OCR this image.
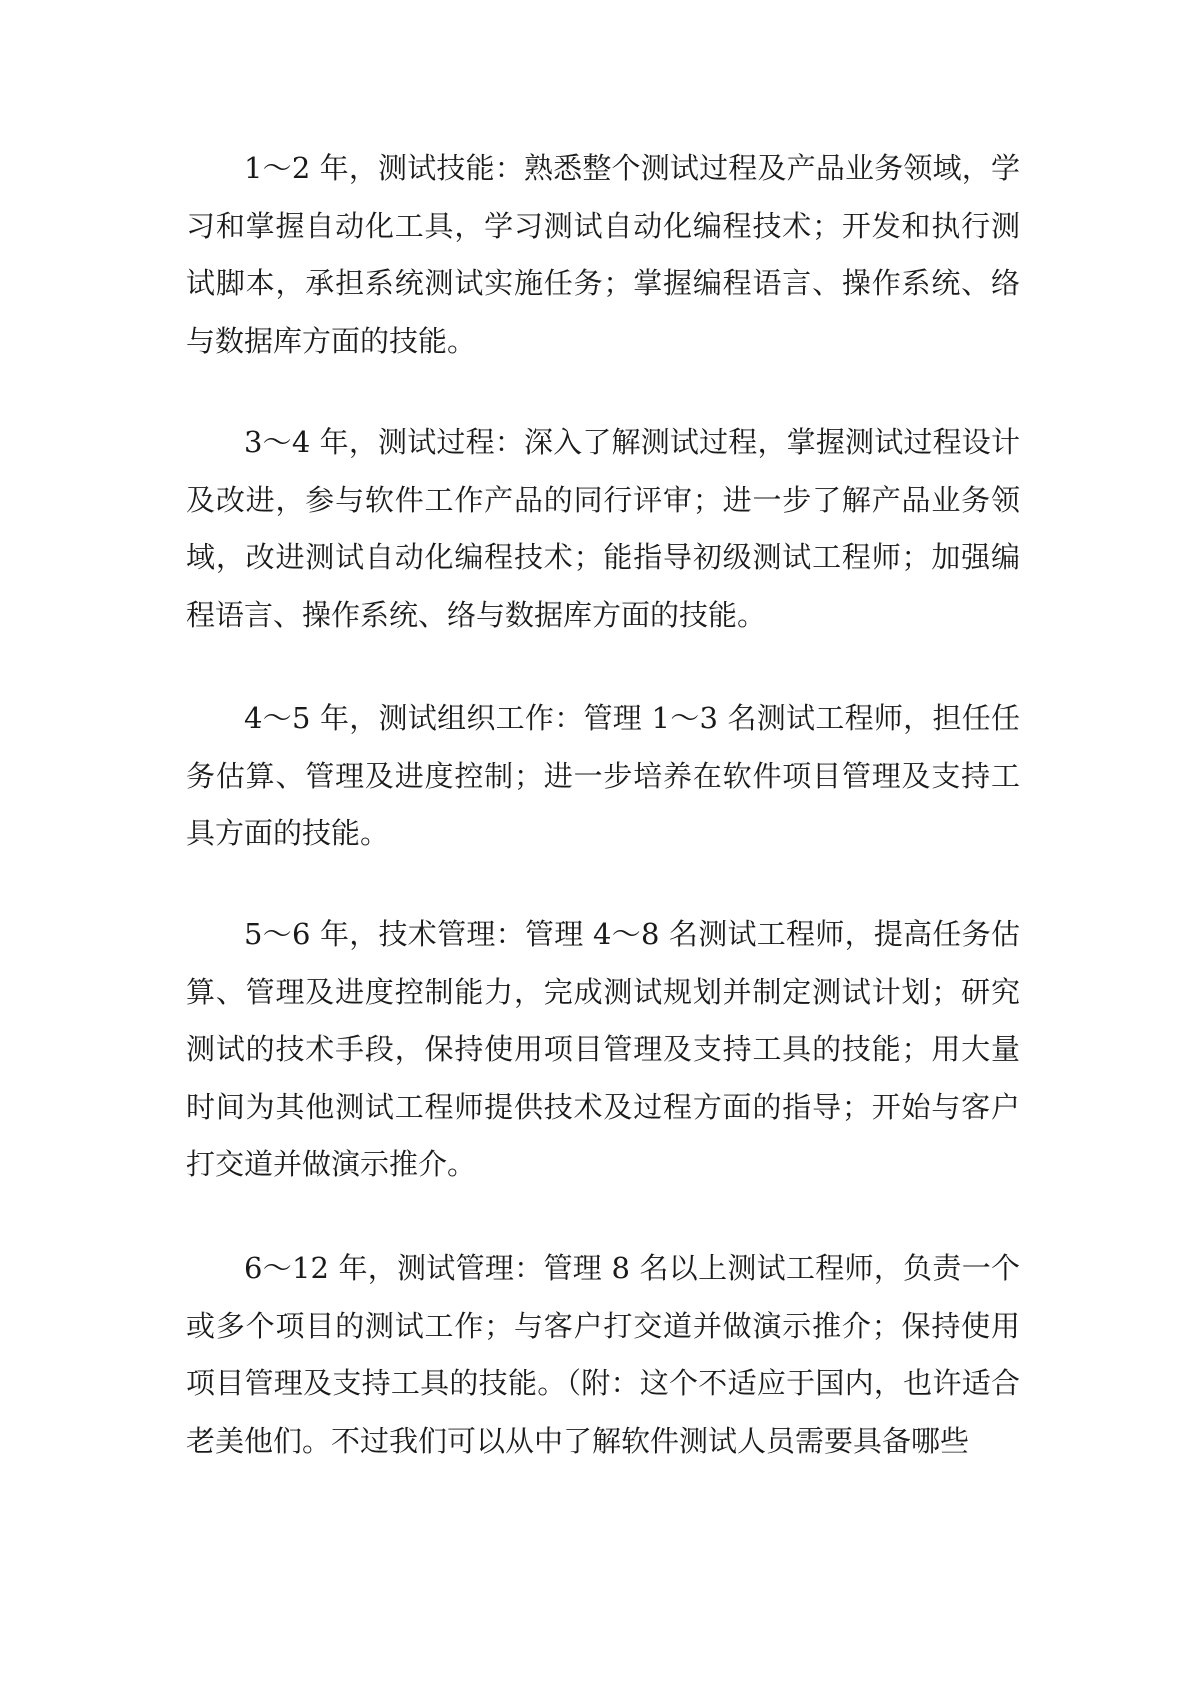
1～2 年，测试技能：熟悉整个测试过程及产品业务领域，学习和掌握自动化工具，学习测试自动化编程技术；开发和执行测试脚本，承担系统测试实施任务；掌握编程语言、操作系统、络与数据库方面的技能。

3～4 年，测试过程：深入了解测试过程，掌握测试过程设计及改进，参与软件工作产品的同行评审；进一步了解产品业务领域，改进测试自动化编程技术；能指导初级测试工程师；加强编程语言、操作系统、络与数据库方面的技能。

4～5 年，测试组织工作：管理 1～3 名测试工程师，担任任务估算、管理及进度控制；进一步培养在软件项目管理及支持工具方面的技能。

5～6 年，技术管理：管理 4～8 名测试工程师，提高任务估算、管理及进度控制能力，完成测试规划并制定测试计划；研究测试的技术手段，保持使用项目管理及支持工具的技能；用大量时间为其他测试工程师提供技术及过程方面的指导；开始与客户打交道并做演示推介。

6～12 年，测试管理：管理 8 名以上测试工程师，负责一个或多个项目的测试工作；与客户打交道并做演示推介；保持使用项目管理及支持工具的技能。（附：这个不适应于国内，也许适合老美他们。不过我们可以从中了解软件测试人员需要具备哪些
